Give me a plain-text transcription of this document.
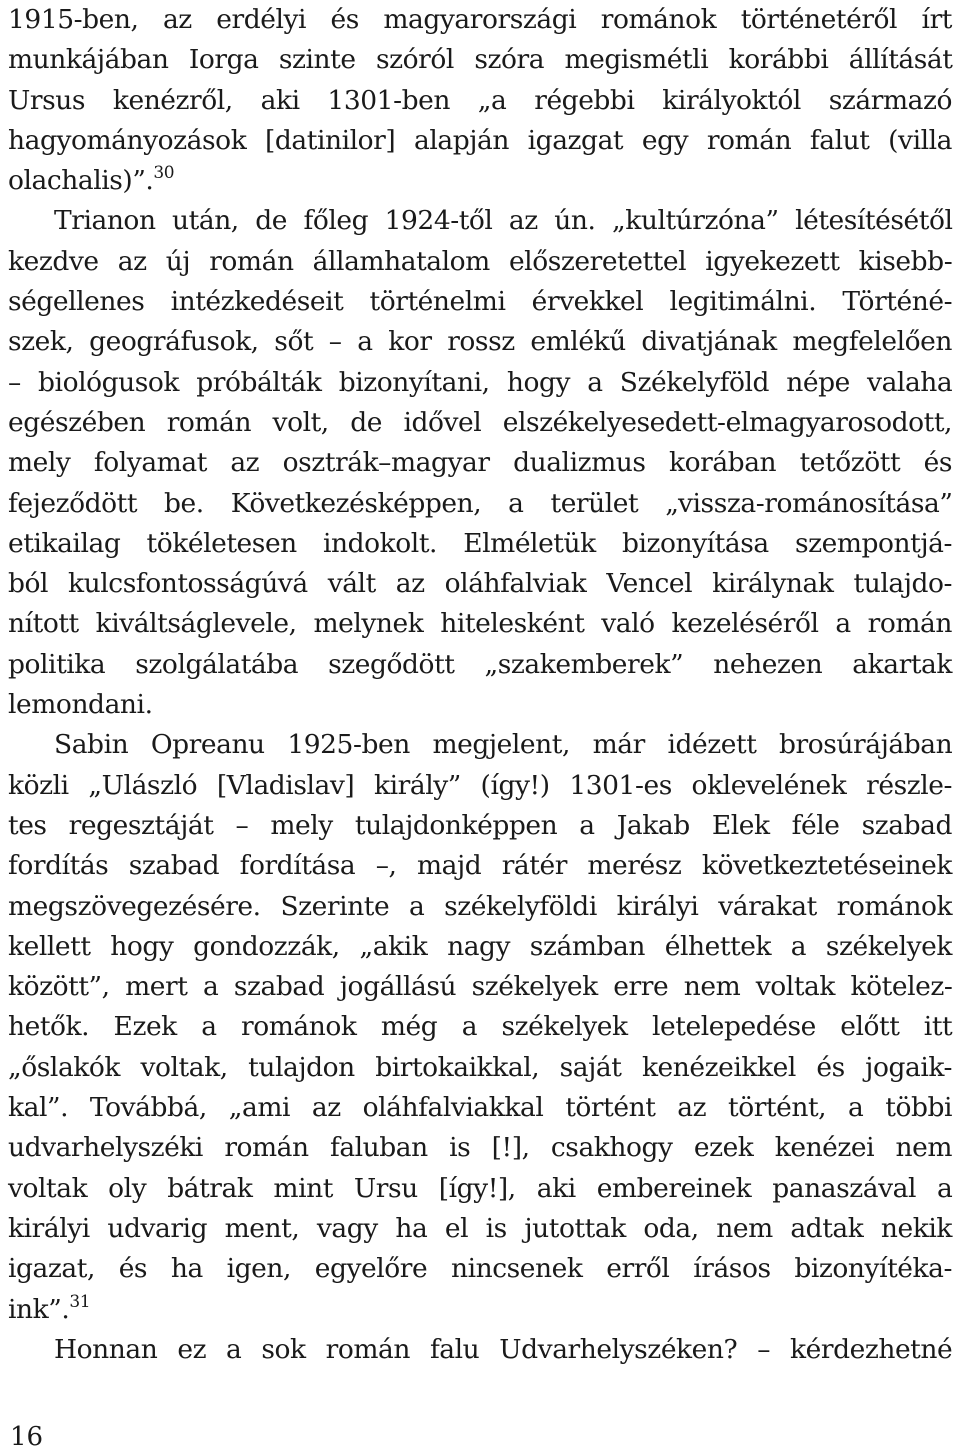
1915-ben, az erdélyi és magyarországi románok történetéről írt
munkájában Iorga szinte szóról szóra megismétli korábbi állítását
Ursus kenézről, aki 1301-ben „a régebbi királyoktól származó
hagyományozások [datinilor] alapján igazgat egy román falut (villa
olachalis)”.$^{30}$
Trianon után, de főleg 1924-től az ún. „kultúrzóna” létesítésétől
kezdve az új román államhatalom előszeretettel igyekezett kisebb-
ségellenes intézkedéseit történelmi érvekkel legitimálni. Történé-
szek, geográfusok, sőt – a kor rossz emlékű divatjának megfelelően
– biológusok próbálták bizonyítani, hogy a Székelyföld népe valaha
egészében román volt, de idővel elszékelyesedett-elmagyarosodott,
mely folyamat az osztrák–magyar dualizmus korában tetőzött és
fejeződött be. Következésképpen, a terület „vissza-románosítása”
etikailag tökéletesen indokolt. Elméletük bizonyítása szempontjá-
ból kulcsfontosságúvá vált az oláhfalviak Vencel királynak tulajdo-
nított kiváltságlevele, melynek hitelesként való kezeléséről a román
politika szolgálatába szegődött „szakemberek” nehezen akartak
lemondani.
Sabin Opreanu 1925-ben megjelent, már idézett brosúrájában
közli „Ulászló [Vladislav] király” (így!) 1301-es oklevelének részle-
tes regesztáját – mely tulajdonképpen a Jakab Elek féle szabad
fordítás szabad fordítása –, majd rátér merész következtetéseinek
megszövegezésére. Szerinte a székelyföldi királyi várakat románok
kellett hogy gondozzák, „akik nagy számban élhettek a székelyek
között”, mert a szabad jogállású székelyek erre nem voltak kötelez-
hetők. Ezek a románok még a székelyek letelepedése előtt itt
„őslakók voltak, tulajdon birtokaikkal, saját kenézeikkel és jogaik-
kal”. Továbbá, „ami az oláhfalviakkal történt az történt, a többi
udvarhelyszéki román faluban is [!], csakhogy ezek kenézei nem
voltak oly bátrak mint Ursu [így!], aki embereinek panaszával a
királyi udvarig ment, vagy ha el is jutottak oda, nem adtak nekik
igazat, és ha igen, egyelőre nincsenek erről írásos bizonyítéka-
ink”.$^{31}$
Honnan ez a sok román falu Udvarhelyszéken? – kérdezhetné
16
